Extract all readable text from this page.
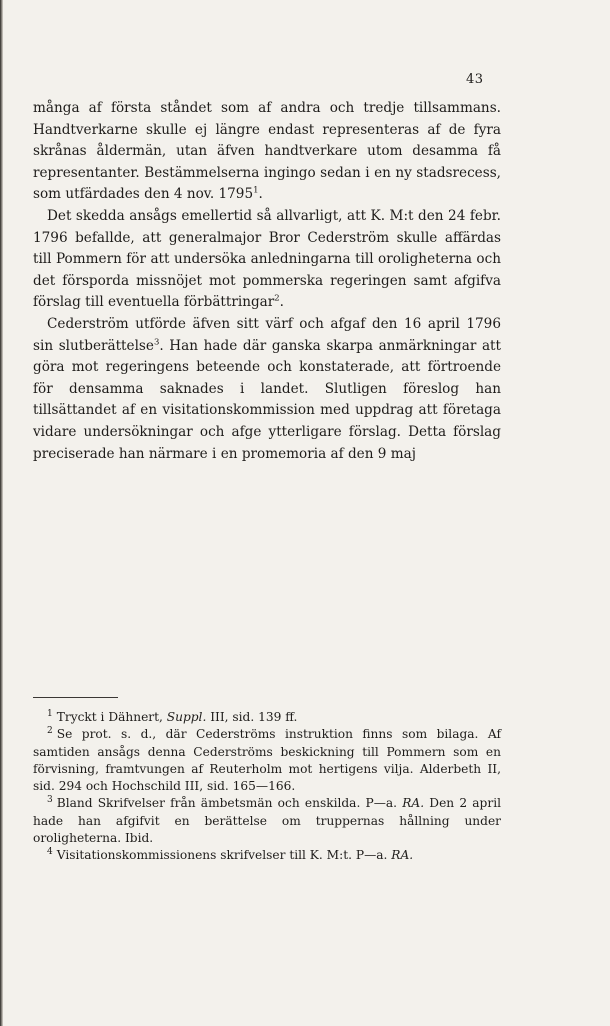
43

många af första ståndet som af andra och tredje tillsammans. Handtverkarne skulle ej längre endast representeras af de fyra skrånas åldermän, utan äfven handtverkare utom desamma få representanter. Bestämmelserna ingingo sedan i en ny stadsrecess, som utfärdades den 4 nov. 1795$^1$.

Det skedda ansågs emellertid så allvarligt, att K. M:t den 24 febr. 1796 befallde, att generalmajor Bror Cederström skulle affärdas till Pommern för att undersöka anledningarna till oroligheterna och det försporda missnöjet mot pommerska regeringen samt afgifva förslag till eventuella förbättringar$^2$.

Cederström utförde äfven sitt värf och afgaf den 16 april 1796 sin slutberättelse$^3$. Han hade där ganska skarpa anmärkningar att göra mot regeringens beteende och konstaterade, att förtroende för densamma saknades i landet. Slutligen föreslog han tillsättandet af en visitationskommission med uppdrag att företaga vidare undersökningar och afge ytterligare förslag. Detta förslag preciserade han närmare i en promemoria af den 9 maj

$^1$ Tryckt i Dähnert, Suppl. III, sid. 139 ff.

$^2$ Se prot. s. d., där Cederströms instruktion finns som bilaga. Af samtiden ansågs denna Cederströms beskickning till Pommern som en förvisning, framtvungen af Reuterholm mot hertigens vilja. Alderbeth II, sid. 294 och Hochschild III, sid. 165—166.

$^3$ Bland Skrifvelser från ämbetsmän och enskilda. P—a. RA. Den 2 april hade han afgifvit en berättelse om truppernas hållning under oroligheterna. Ibid.

$^4$ Visitationskommissionens skrifvelser till K. M:t. P—a. RA.
